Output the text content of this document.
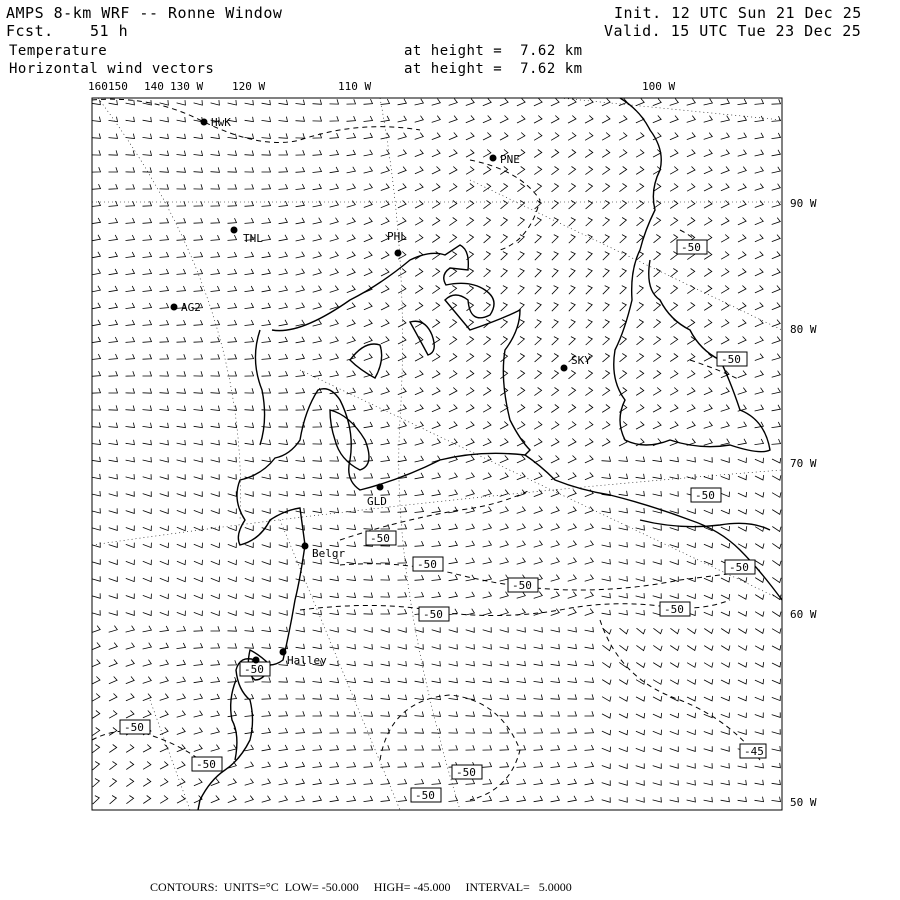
AMPS 8-km WRF -- Ronne Window
Fcst. 51 h
Init. 12 UTC Sun 21 Dec 25
Valid. 15 UTC Tue 23 Dec 25
Temperature	at height =  7.62 km
Horizontal wind vectors	at height =  7.62 km
160 150 140 130 W	120 W	110 W	100 W
90 W
80 W
70 W
60 W
50 W
-50
-50
-50
-50
-50
-50
-50
-50
-50
-50
-50
-50
-50
-50
-45
HwK
PNE
THL	PHL
AG2
SKY
GLD
Belgr
Halley
CONTOURS:  UNITS=°C  LOW= -50.000     HIGH= -45.000     INTERVAL=   5.0000
